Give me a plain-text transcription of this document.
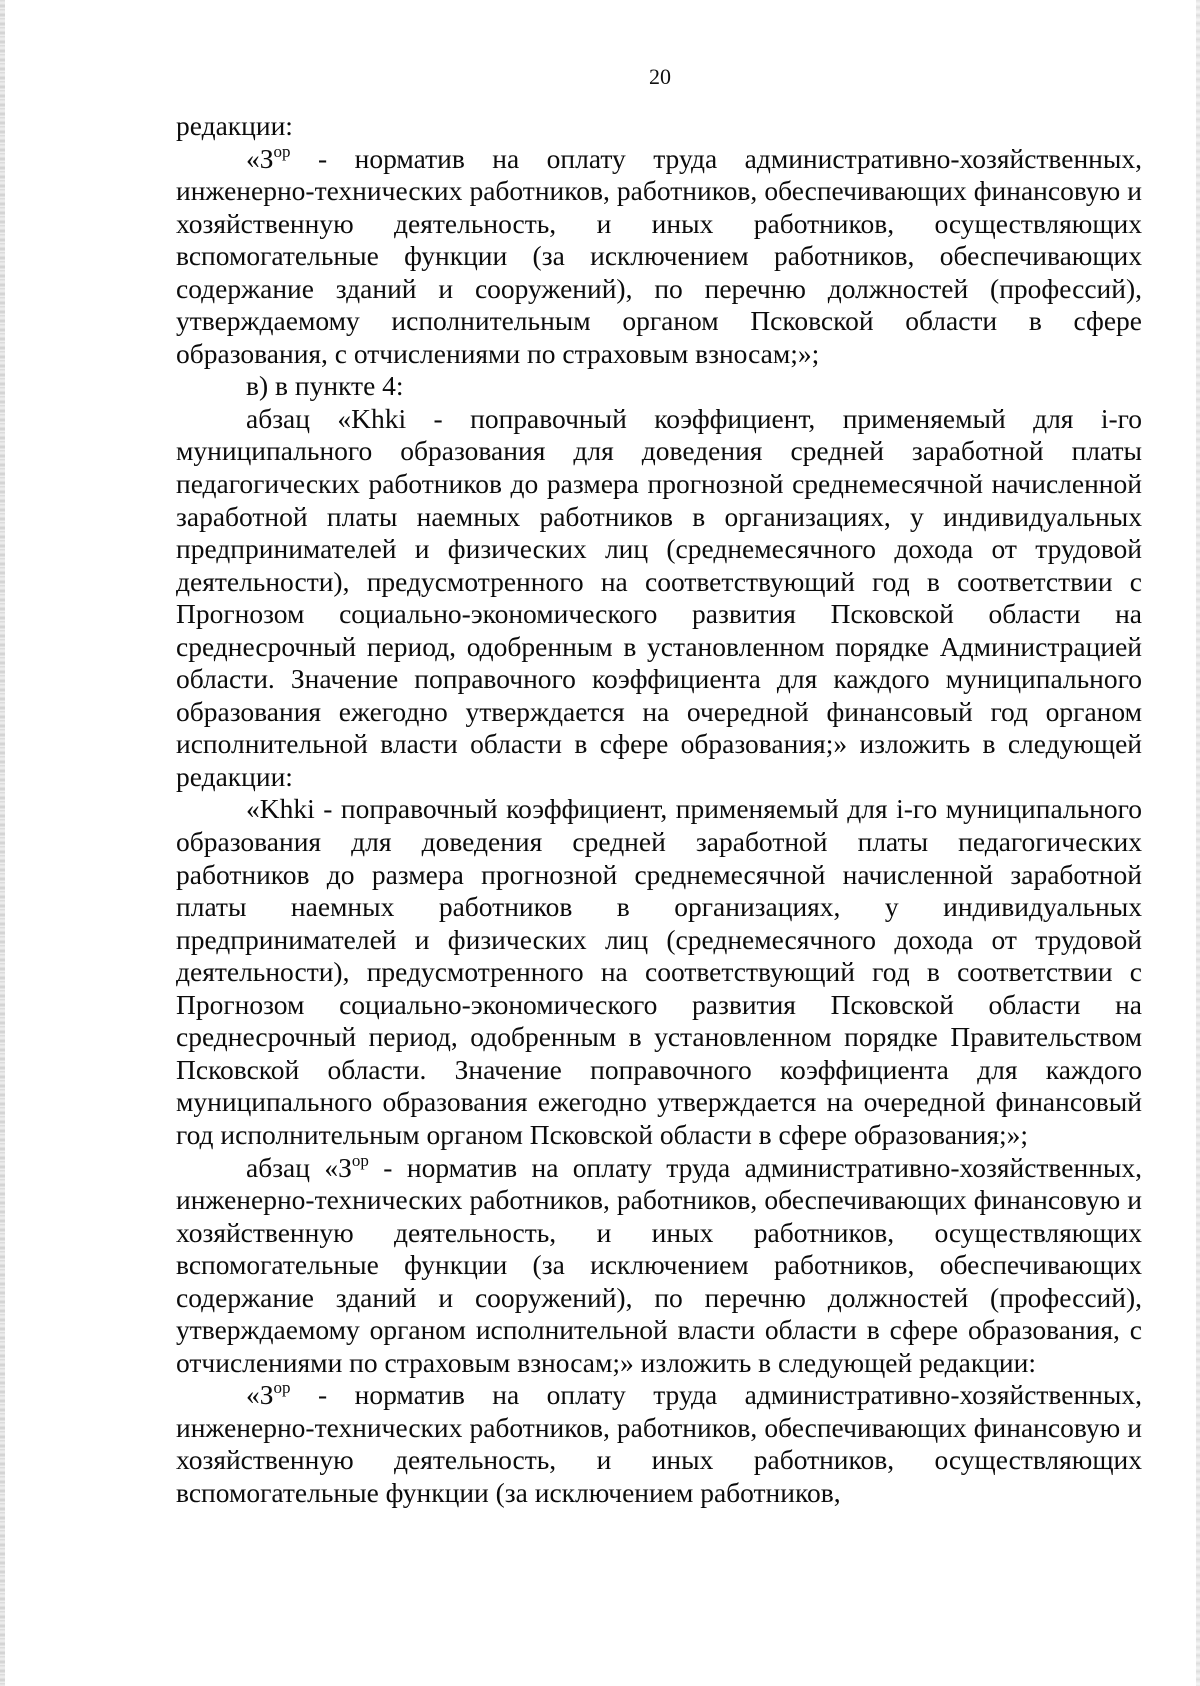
20

редакции:

«$З^{ор}$ - норматив на оплату труда административно-хозяйственных, инженерно-технических работников, работников, обеспечивающих финансовую и хозяйственную деятельность, и иных работников, осуществляющих вспомогательные функции (за исключением работников, обеспечивающих содержание зданий и сооружений), по перечню должностей (профессий), утверждаемому исполнительным органом Псковской области в сфере образования, с отчислениями по страховым взносам;»;

в) в пункте 4:

абзац «Khki - поправочный коэффициент, применяемый для i-го муниципального образования для доведения средней заработной платы педагогических работников до размера прогнозной среднемесячной начисленной заработной платы наемных работников в организациях, у индивидуальных предпринимателей и физических лиц (среднемесячного дохода от трудовой деятельности), предусмотренного на соответствующий год в соответствии с Прогнозом социально-экономического развития Псковской области на среднесрочный период, одобренным в установленном порядке Администрацией области. Значение поправочного коэффициента для каждого муниципального образования ежегодно утверждается на очередной финансовый год органом исполнительной власти области в сфере образования;» изложить в следующей редакции:

«Khki - поправочный коэффициент, применяемый для i-го муниципального образования для доведения средней заработной платы педагогических работников до размера прогнозной среднемесячной начисленной заработной платы наемных работников в организациях, у индивидуальных предпринимателей и физических лиц (среднемесячного дохода от трудовой деятельности), предусмотренного на соответствующий год в соответствии с Прогнозом социально-экономического развития Псковской области на среднесрочный период, одобренным в установленном порядке Правительством Псковской области. Значение поправочного коэффициента для каждого муниципального образования ежегодно утверждается на очередной финансовый год исполнительным органом Псковской области в сфере образования;»;

абзац «$З^{ор}$ - норматив на оплату труда административно-хозяйственных, инженерно-технических работников, работников, обеспечивающих финансовую и хозяйственную деятельность, и иных работников, осуществляющих вспомогательные функции (за исключением работников, обеспечивающих содержание зданий и сооружений), по перечню должностей (профессий), утверждаемому органом исполнительной власти области в сфере образования, с отчислениями по страховым взносам;» изложить в следующей редакции:

«$З^{ор}$ - норматив на оплату труда административно-хозяйственных, инженерно-технических работников, работников, обеспечивающих финансовую и хозяйственную деятельность, и иных работников, осуществляющих вспомогательные функции (за исключением работников,
